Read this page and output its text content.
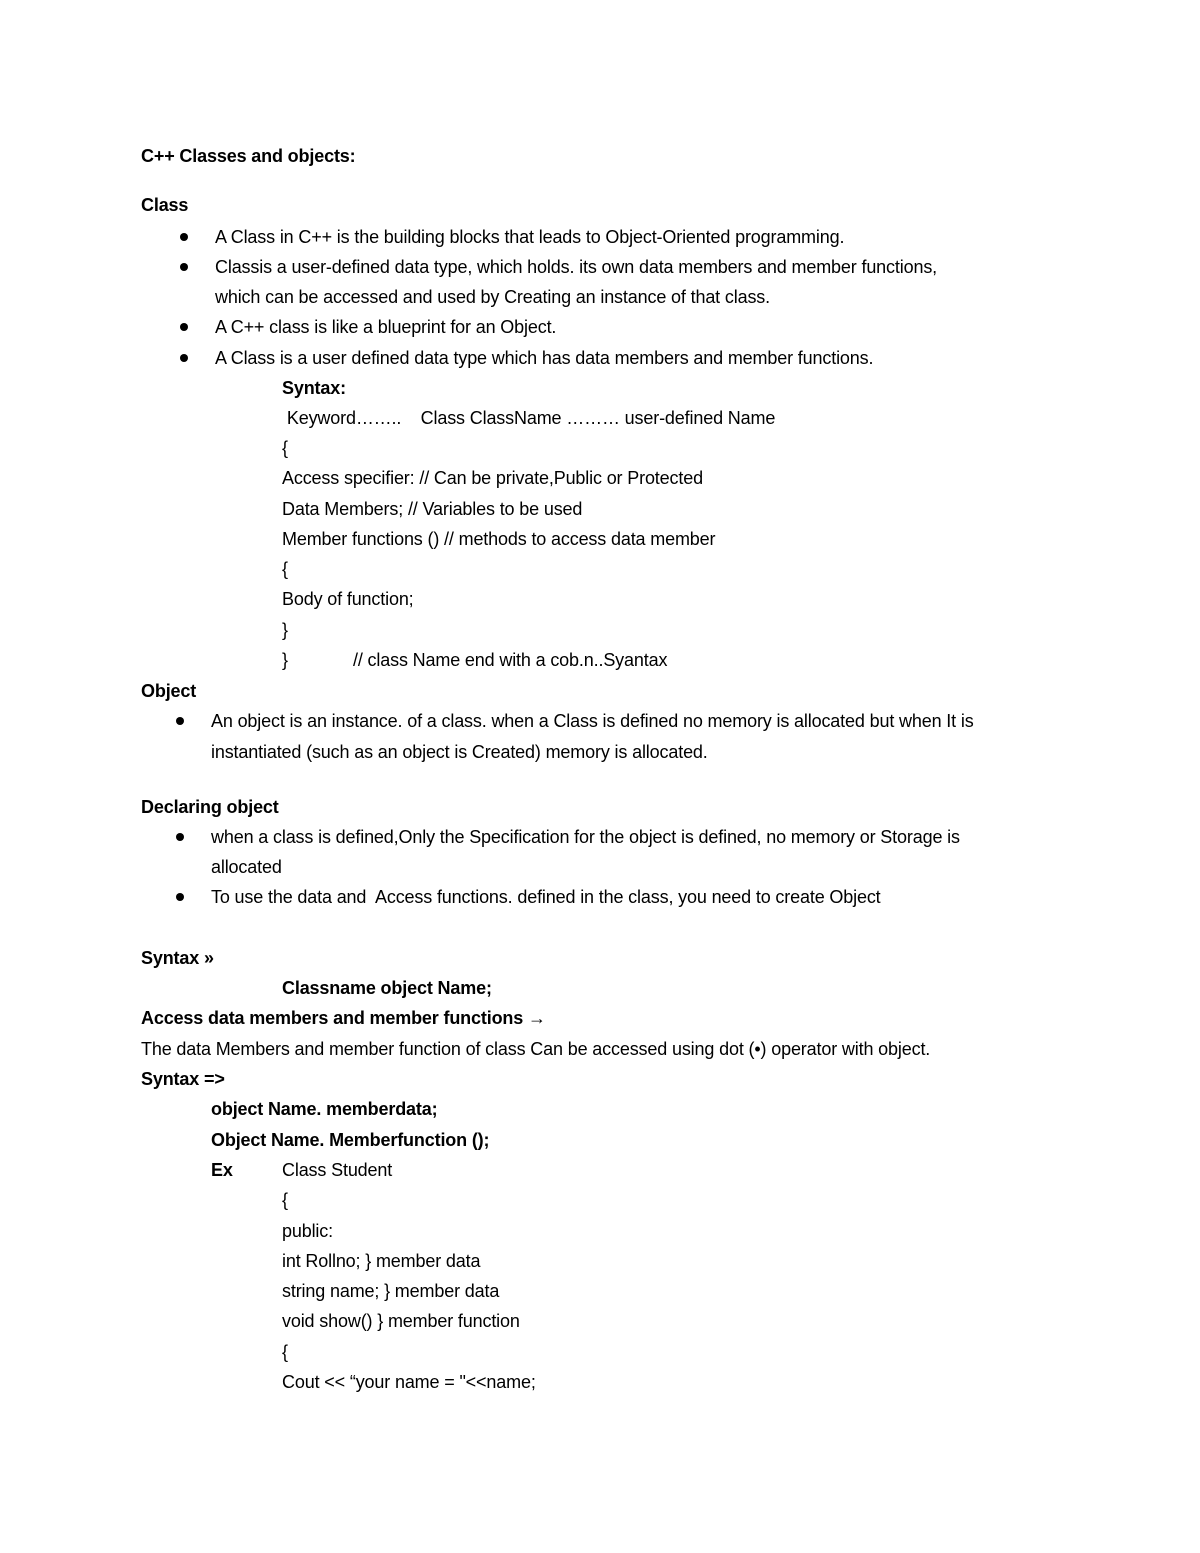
C++ Classes and objects:
Class
A Class in C++ is the building blocks that leads to Object-Oriented programming.
Classis a user-defined data type, which holds. its own data members and member functions,
which can be accessed and used by Creating an instance of that class.
A C++ class is like a blueprint for an Object.
A Class is a user defined data type which has data members and member functions.
Syntax:
Keyword……..    Class ClassName ……… user-defined Name
{
Access specifier: // Can be private,Public or Protected
Data Members; // Variables to be used
Member functions () // methods to access data member
{
Body of function;
}
}	// class Name end with a cob.n..Syantax
Object
An object is an instance. of a class. when a Class is defined no memory is allocated but when It is
instantiated (such as an object is Created) memory is allocated.
Declaring object
when a class is defined,Only the Specification for the object is defined, no memory or Storage is
allocated
To use the data and  Access functions. defined in the class, you need to create Object
Syntax »
Classname object Name;
Access data members and member functions →
The data Members and member function of class Can be accessed using dot (•) operator with object.
Syntax =>
object Name. memberdata;
Object Name. Memberfunction ();
Ex	Class Student
{
public:
int Rollno; } member data
string name; } member data
void show() } member function
{
Cout << “your name = "<<name;
